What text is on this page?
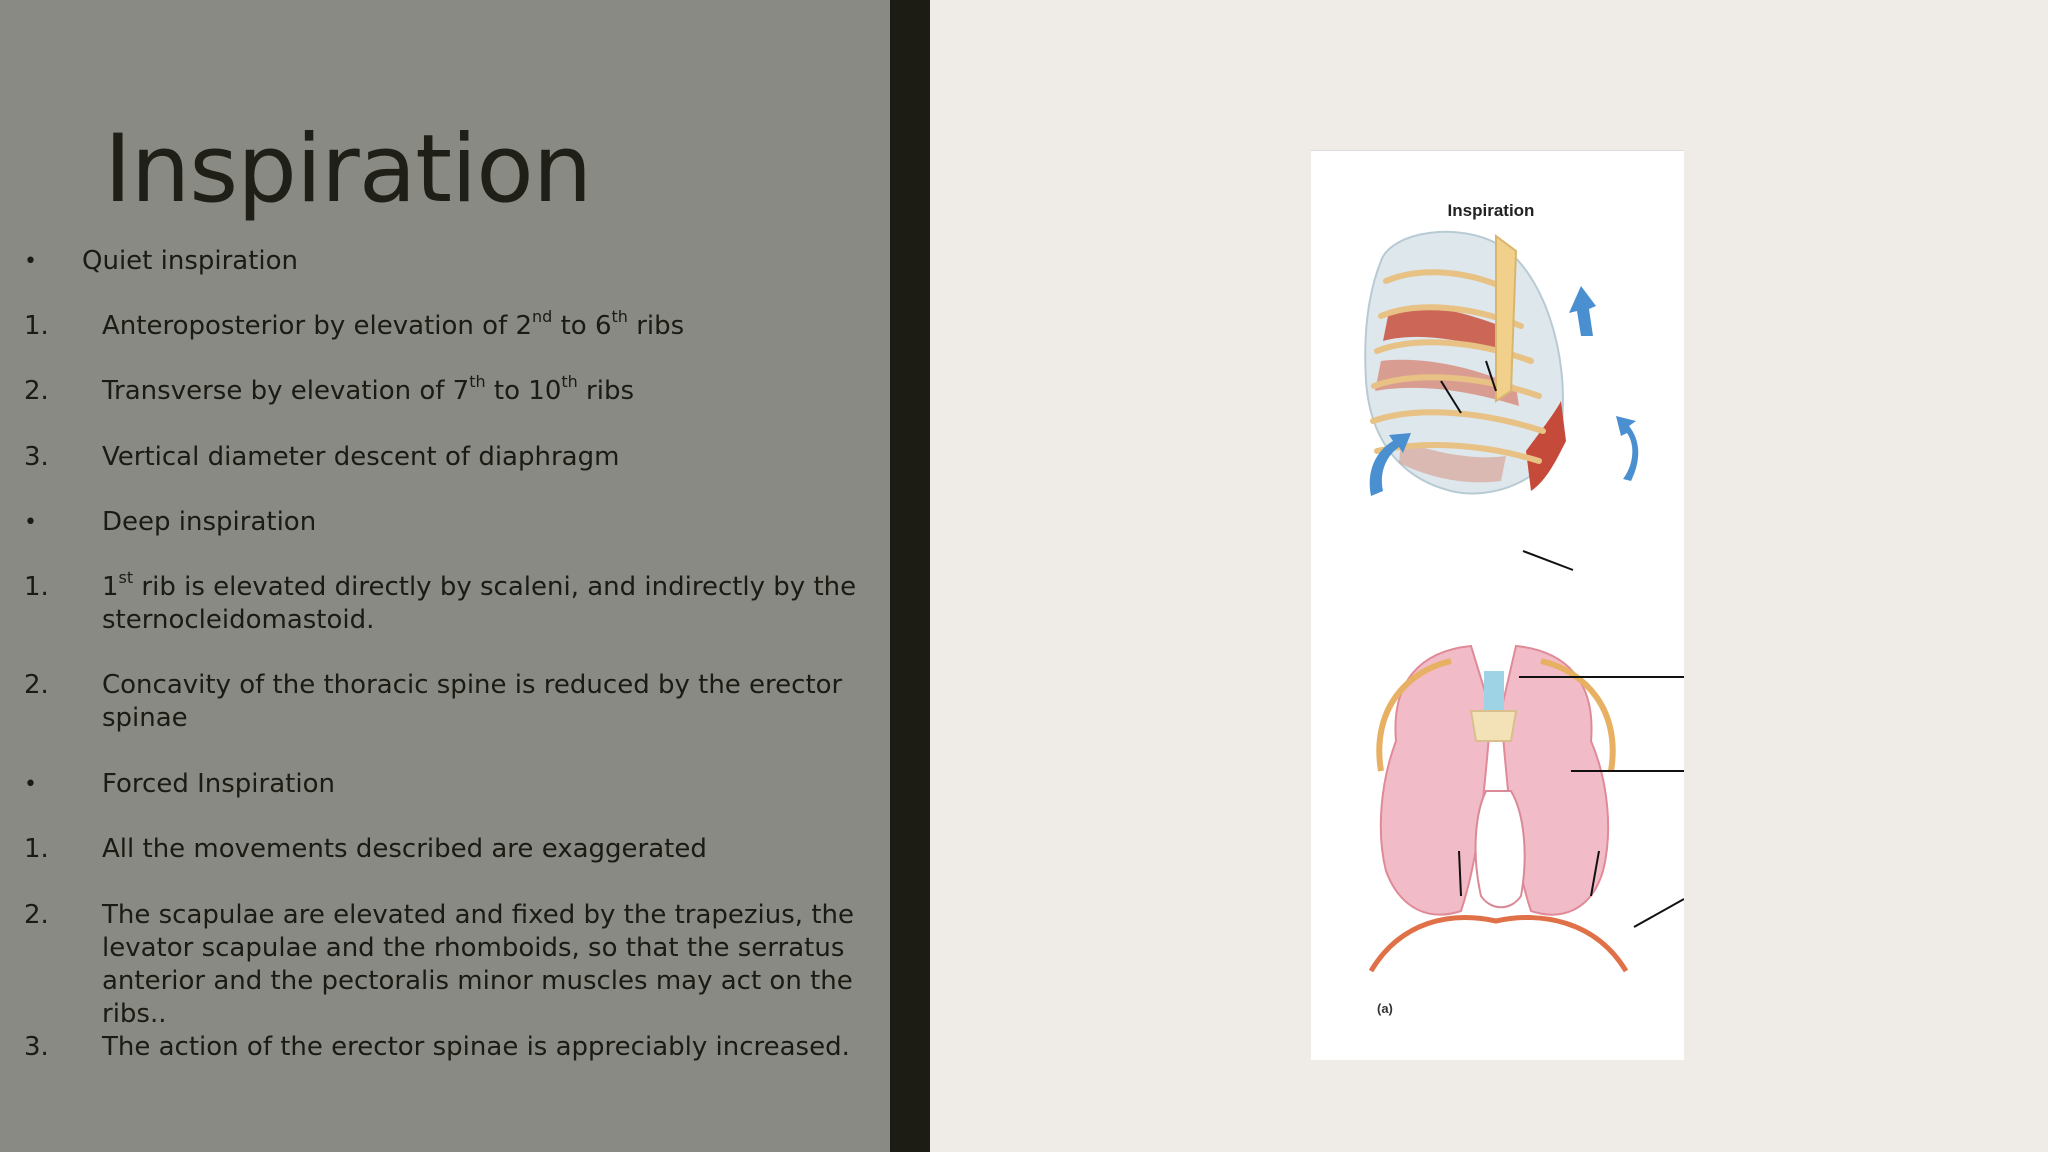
Inspiration
•	Quiet inspiration
1.	Anteroposterior by elevation of 2nd to 6th ribs
2.	Transverse by elevation of 7th to 10th ribs
3.	Vertical diameter descent of diaphragm
•	Deep inspiration
1.	1st rib is elevated directly by scaleni, and indirectly by the sternocleidomastoid.
2.	Concavity of the thoracic spine is reduced by the erector spinae
•	Forced Inspiration
1.	All the movements described are exaggerated
2.	The scapulae are elevated and fixed by the trapezius, the levator scapulae and the rhomboids, so that the serratus anterior and the pectoralis minor muscles may act on the ribs..
3.	The action of the erector spinae is appreciably increased.
Inspiration
(a)
